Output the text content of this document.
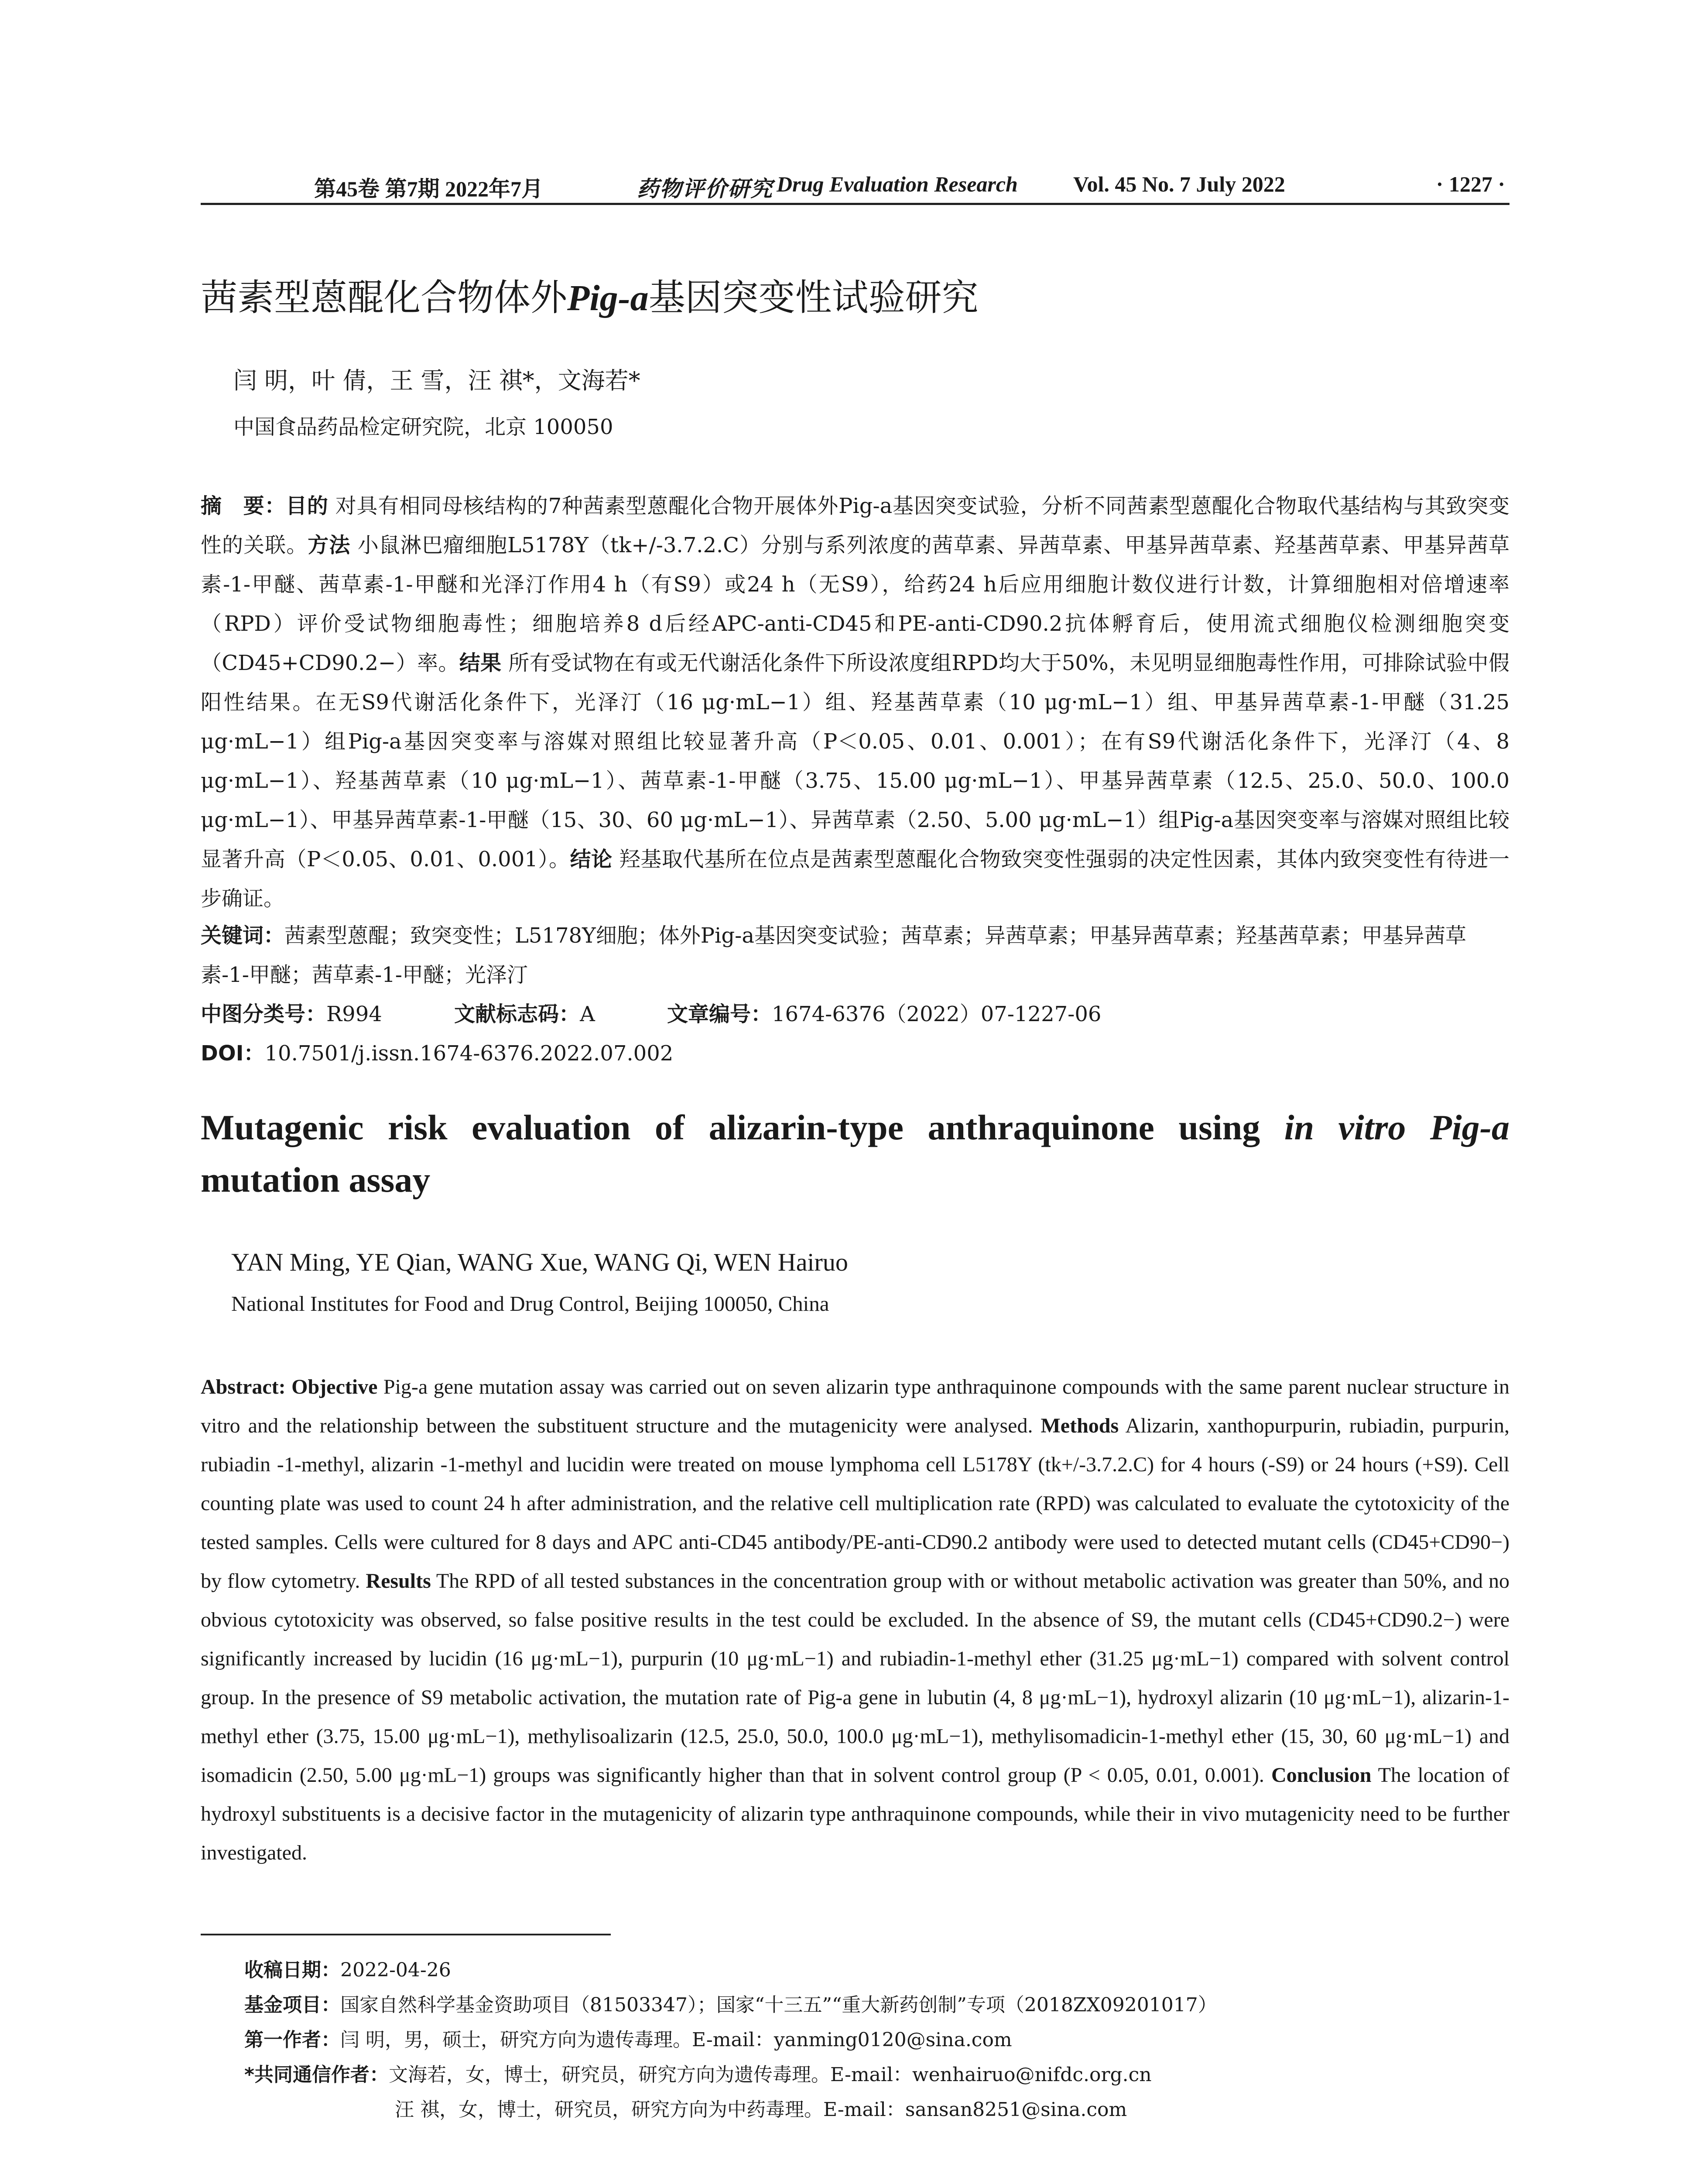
第45卷 第7期 2022年7月	药物评价研究 Drug Evaluation Research	Vol. 45 No. 7 July 2022	· 1227 ·
茜素型蒽醌化合物体外Pig-a基因突变性试验研究
闫 明，叶 倩，王 雪，汪 祺*，文海若*
中国食品药品检定研究院，北京 100050
摘　要：目的 对具有相同母核结构的7种茜素型蒽醌化合物开展体外Pig-a基因突变试验，分析不同茜素型蒽醌化合物取代基结构与其致突变性的关联。方法 小鼠淋巴瘤细胞L5178Y（tk+/-3.7.2.C）分别与系列浓度的茜草素、异茜草素、甲基异茜草素、羟基茜草素、甲基异茜草素-1-甲醚、茜草素-1-甲醚和光泽汀作用4 h（有S9）或24 h（无S9），给药24 h后应用细胞计数仪进行计数，计算细胞相对倍增速率（RPD）评价受试物细胞毒性；细胞培养8 d后经APC-anti-CD45和PE-anti-CD90.2抗体孵育后，使用流式细胞仪检测细胞突变（CD45+CD90.2−）率。结果 所有受试物在有或无代谢活化条件下所设浓度组RPD均大于50%，未见明显细胞毒性作用，可排除试验中假阳性结果。在无S9代谢活化条件下，光泽汀（16 μg·mL−1）组、羟基茜草素（10 μg·mL−1）组、甲基异茜草素-1-甲醚（31.25 μg·mL−1）组Pig-a基因突变率与溶媒对照组比较显著升高（P＜0.05、0.01、0.001）；在有S9代谢活化条件下，光泽汀（4、8 μg·mL−1）、羟基茜草素（10 μg·mL−1）、茜草素-1-甲醚（3.75、15.00 μg·mL−1）、甲基异茜草素（12.5、25.0、50.0、100.0 μg·mL−1）、甲基异茜草素-1-甲醚（15、30、60 μg·mL−1）、异茜草素（2.50、5.00 μg·mL−1）组Pig-a基因突变率与溶媒对照组比较显著升高（P＜0.05、0.01、0.001）。结论 羟基取代基所在位点是茜素型蒽醌化合物致突变性强弱的决定性因素，其体内致突变性有待进一步确证。
关键词：茜素型蒽醌；致突变性；L5178Y细胞；体外Pig-a基因突变试验；茜草素；异茜草素；甲基异茜草素；羟基茜草素；甲基异茜草素-1-甲醚；茜草素-1-甲醚；光泽汀
中图分类号：R994	文献标志码：A	文章编号：1674-6376（2022）07-1227-06
DOI：10.7501/j.issn.1674-6376.2022.07.002
Mutagenic risk evaluation of alizarin-type anthraquinone using in vitro Pig-a mutation assay
YAN Ming, YE Qian, WANG Xue, WANG Qi, WEN Hairuo
National Institutes for Food and Drug Control, Beijing 100050, China
Abstract: Objective Pig-a gene mutation assay was carried out on seven alizarin type anthraquinone compounds with the same parent nuclear structure in vitro and the relationship between the substituent structure and the mutagenicity were analysed. Methods Alizarin, xanthopurpurin, rubiadin, purpurin, rubiadin -1-methyl, alizarin -1-methyl and lucidin were treated on mouse lymphoma cell L5178Y (tk+/-3.7.2.C) for 4 hours (-S9) or 24 hours (+S9). Cell counting plate was used to count 24 h after administration, and the relative cell multiplication rate (RPD) was calculated to evaluate the cytotoxicity of the tested samples. Cells were cultured for 8 days and APC anti-CD45 antibody/PE-anti-CD90.2 antibody were used to detected mutant cells (CD45+CD90−) by flow cytometry. Results The RPD of all tested substances in the concentration group with or without metabolic activation was greater than 50%, and no obvious cytotoxicity was observed, so false positive results in the test could be excluded. In the absence of S9, the mutant cells (CD45+CD90.2−) were significantly increased by lucidin (16 μg·mL−1), purpurin (10 μg·mL−1) and rubiadin-1-methyl ether (31.25 μg·mL−1) compared with solvent control group. In the presence of S9 metabolic activation, the mutation rate of Pig-a gene in lubutin (4, 8 μg·mL−1), hydroxyl alizarin (10 μg·mL−1), alizarin-1-methyl ether (3.75, 15.00 μg·mL−1), methylisoalizarin (12.5, 25.0, 50.0, 100.0 μg·mL−1), methylisomadicin-1-methyl ether (15, 30, 60 μg·mL−1) and isomadicin (2.50, 5.00 μg·mL−1) groups was significantly higher than that in solvent control group (P < 0.05, 0.01, 0.001). Conclusion The location of hydroxyl substituents is a decisive factor in the mutagenicity of alizarin type anthraquinone compounds, while their in vivo mutagenicity need to be further investigated.
收稿日期：2022-04-26
基金项目：国家自然科学基金资助项目（81503347）；国家“十三五”“重大新药创制”专项（2018ZX09201017）
第一作者：闫 明，男，硕士，研究方向为遗传毒理。E-mail：yanming0120@sina.com
*共同通信作者：文海若，女，博士，研究员，研究方向为遗传毒理。E-mail：wenhairuo@nifdc.org.cn
汪 祺，女，博士，研究员，研究方向为中药毒理。E-mail：sansan8251@sina.com
